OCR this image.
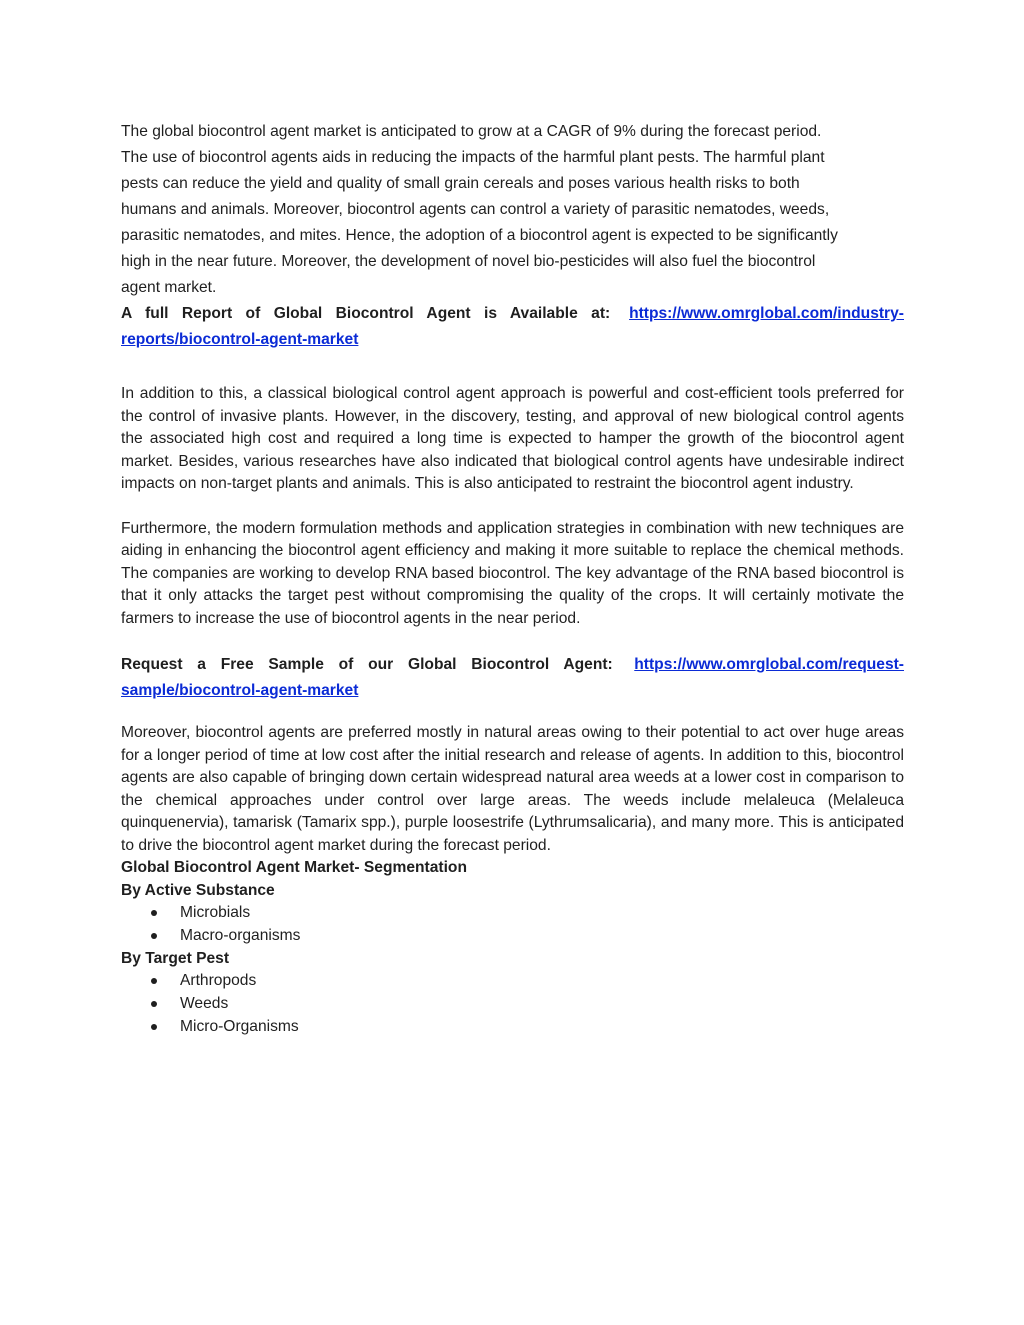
The global biocontrol agent market is anticipated to grow at a CAGR of 9% during the forecast period.

The use of biocontrol agents aids in reducing the impacts of the harmful plant pests. The harmful plant

pests can reduce the yield and quality of small grain cereals and poses various health risks to both

humans and animals. Moreover, biocontrol agents can control a variety of parasitic nematodes, weeds,

parasitic nematodes, and mites. Hence, the adoption of a biocontrol agent is expected to be significantly

high in the near future. Moreover, the development of novel bio-pesticides will also fuel the biocontrol

agent market.

A full Report of Global Biocontrol Agent is Available at: https://www.omrglobal.com/industry-reports/biocontrol-agent-market

In addition to this, a classical biological control agent approach is powerful and cost-efficient tools preferred for the control of invasive plants. However, in the discovery, testing, and approval of new biological control agents the associated high cost and required a long time is expected to hamper the growth of the biocontrol agent market. Besides, various researches have also indicated that biological control agents have undesirable indirect impacts on non-target plants and animals. This is also anticipated to restraint the biocontrol agent industry.

Furthermore, the modern formulation methods and application strategies in combination with new techniques are aiding in enhancing the biocontrol agent efficiency and making it more suitable to replace the chemical methods. The companies are working to develop RNA based biocontrol. The key advantage of the RNA based biocontrol is that it only attacks the target pest without compromising the quality of the crops. It will certainly motivate the farmers to increase the use of biocontrol agents in the near period.

Request a Free Sample of our Global Biocontrol Agent: https://www.omrglobal.com/request-sample/biocontrol-agent-market

Moreover, biocontrol agents are preferred mostly in natural areas owing to their potential to act over huge areas for a longer period of time at low cost after the initial research and release of agents. In addition to this, biocontrol agents are also capable of bringing down certain widespread natural area weeds at a lower cost in comparison to the chemical approaches under control over large areas. The weeds include melaleuca (Melaleuca quinquenervia), tamarisk (Tamarix spp.), purple loosestrife (Lythrumsalicaria), and many more. This is anticipated to drive the biocontrol agent market during the forecast period.

Global Biocontrol Agent Market- Segmentation

By Active Substance

Microbials
Macro-organisms

By Target Pest

Arthropods
Weeds
Micro-Organisms
